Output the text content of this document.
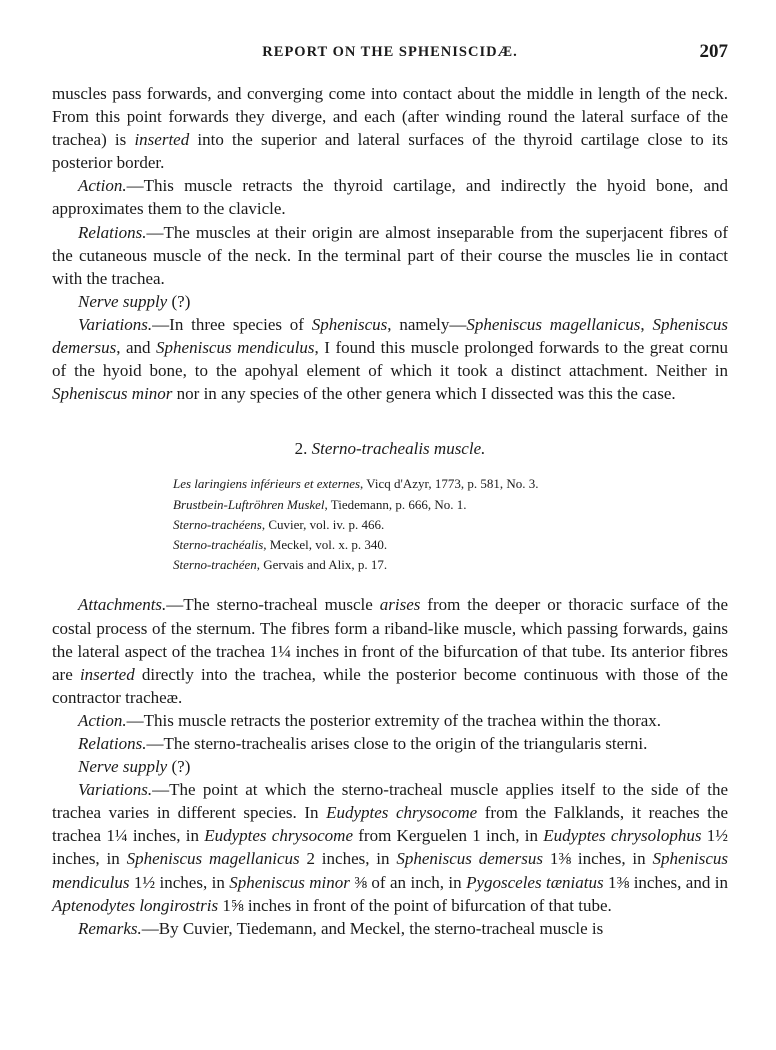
REPORT ON THE SPHENISCIDÆ.	207

muscles pass forwards, and converging come into contact about the middle in length of the neck. From this point forwards they diverge, and each (after winding round the lateral surface of the trachea) is inserted into the superior and lateral surfaces of the thyroid cartilage close to its posterior border.

Action.—This muscle retracts the thyroid cartilage, and indirectly the hyoid bone, and approximates them to the clavicle.

Relations.—The muscles at their origin are almost inseparable from the superjacent fibres of the cutaneous muscle of the neck. In the terminal part of their course the muscles lie in contact with the trachea.

Nerve supply (?)

Variations.—In three species of Spheniscus, namely—Spheniscus magellanicus, Spheniscus demersus, and Spheniscus mendiculus, I found this muscle prolonged forwards to the great cornu of the hyoid bone, to the apohyal element of which it took a distinct attachment. Neither in Spheniscus minor nor in any species of the other genera which I dissected was this the case.

2. Sterno-trachealis muscle.

Les laringiens inférieurs et externes, Vicq d'Azyr, 1773, p. 581, No. 3.
Brustbein-Luftröhren Muskel, Tiedemann, p. 666, No. 1.
Sterno-trachéens, Cuvier, vol. iv. p. 466.
Sterno-trachéalis, Meckel, vol. x. p. 340.
Sterno-trachéen, Gervais and Alix, p. 17.

Attachments.—The sterno-tracheal muscle arises from the deeper or thoracic surface of the costal process of the sternum. The fibres form a riband-like muscle, which passing forwards, gains the lateral aspect of the trachea 1¼ inches in front of the bifurcation of that tube. Its anterior fibres are inserted directly into the trachea, while the posterior become continuous with those of the contractor tracheæ.

Action.—This muscle retracts the posterior extremity of the trachea within the thorax.

Relations.—The sterno-trachealis arises close to the origin of the triangularis sterni.

Nerve supply (?)

Variations.—The point at which the sterno-tracheal muscle applies itself to the side of the trachea varies in different species. In Eudyptes chrysocome from the Falklands, it reaches the trachea 1¼ inches, in Eudyptes chrysocome from Kerguelen 1 inch, in Eudyptes chrysolophus 1½ inches, in Spheniscus magellanicus 2 inches, in Spheniscus demersus 1⅜ inches, in Spheniscus mendiculus 1½ inches, in Spheniscus minor ⅜ of an inch, in Pygosceles tæniatus 1⅜ inches, and in Aptenodytes longirostris 1⅝ inches in front of the point of bifurcation of that tube.

Remarks.—By Cuvier, Tiedemann, and Meckel, the sterno-tracheal muscle is
